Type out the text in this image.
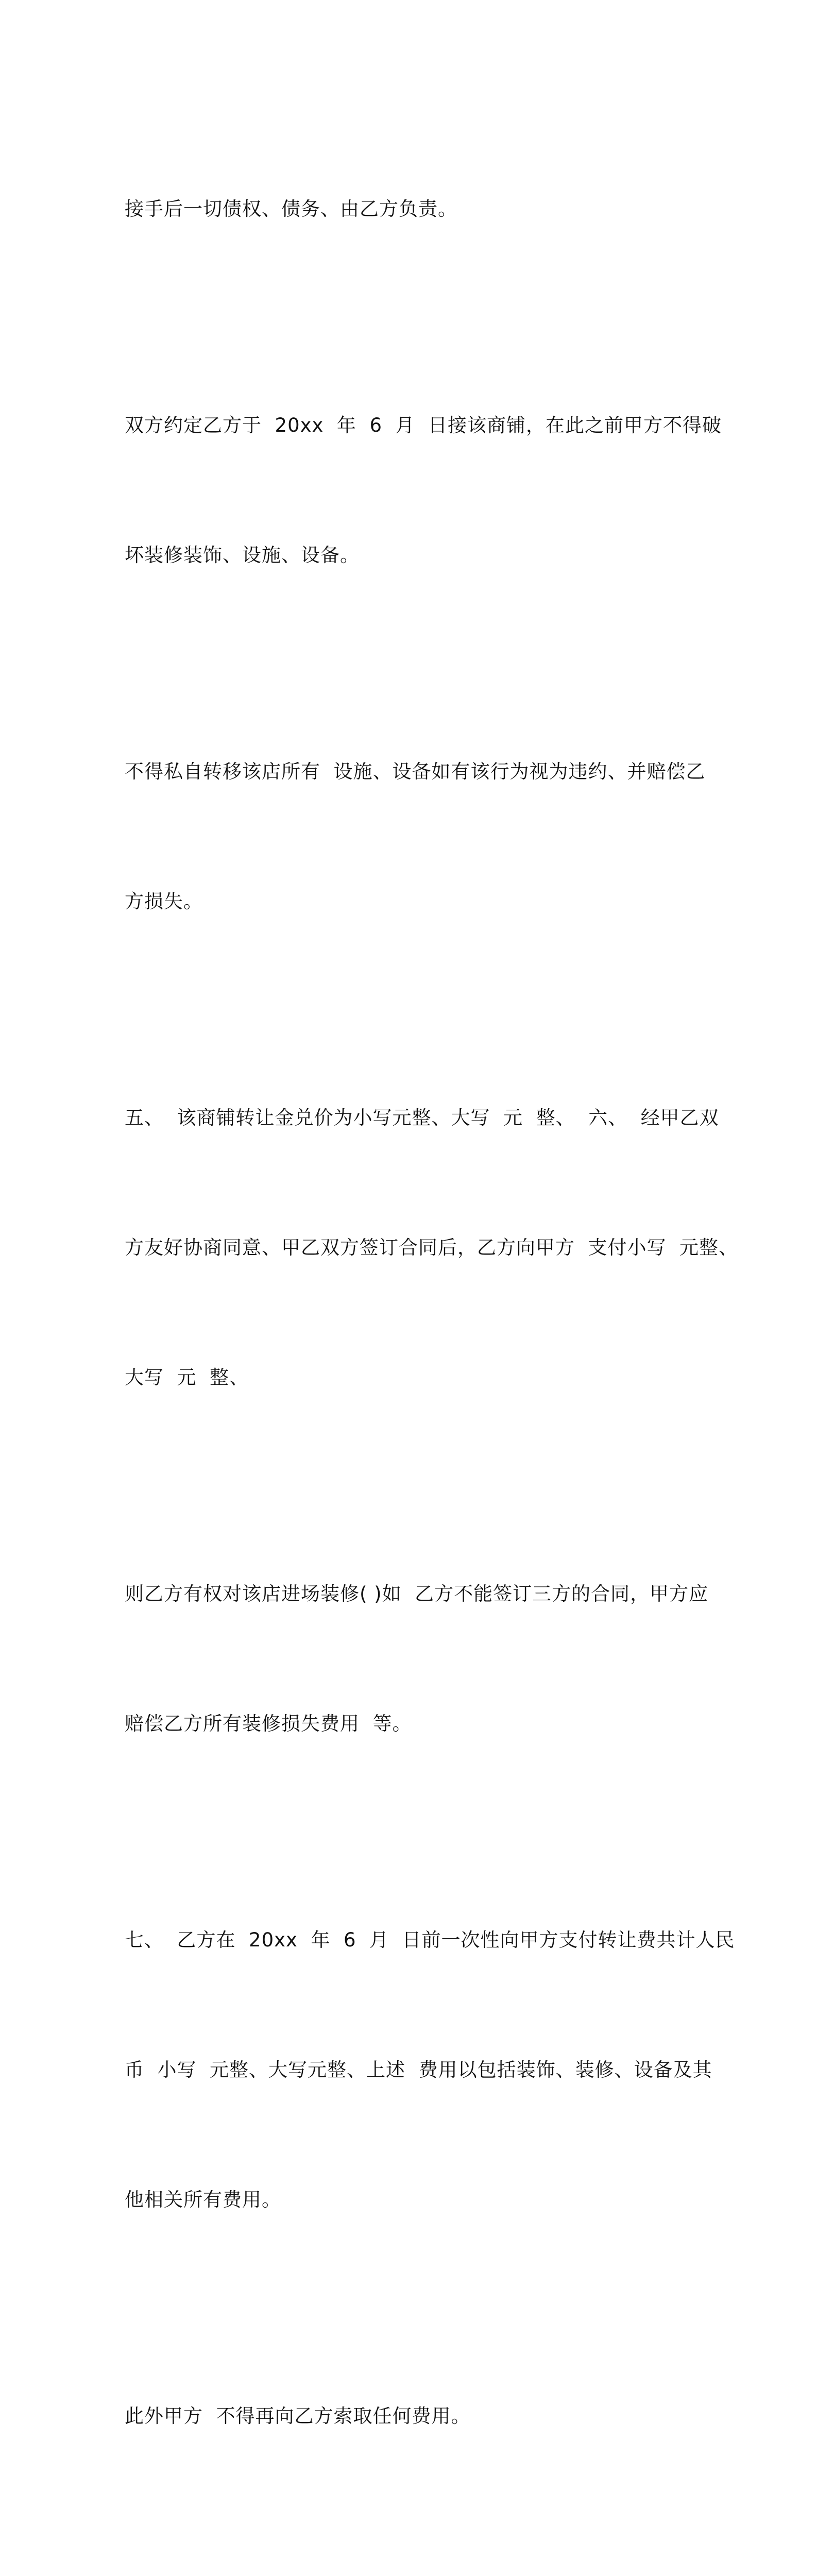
接手后一切债权、债务、由乙方负责。

双方约定乙方于  20xx  年  6  月  日接该商铺，在此之前甲方不得破

坏装修装饰、设施、设备。

不得私自转移该店所有  设施、设备如有该行为视为违约、并赔偿乙

方损失。

五、  该商铺转让金兑价为小写元整、大写  元  整、  六、  经甲乙双

方友好协商同意、甲乙双方签订合同后，乙方向甲方  支付小写  元整、

大写  元  整、

则乙方有权对该店进场装修( )如  乙方不能签订三方的合同，甲方应

赔偿乙方所有装修损失费用  等。

七、  乙方在  20xx  年  6  月  日前一次性向甲方支付转让费共计人民

币  小写  元整、大写元整、上述  费用以包括装饰、装修、设备及其

他相关所有费用。

此外甲方  不得再向乙方索取任何费用。
